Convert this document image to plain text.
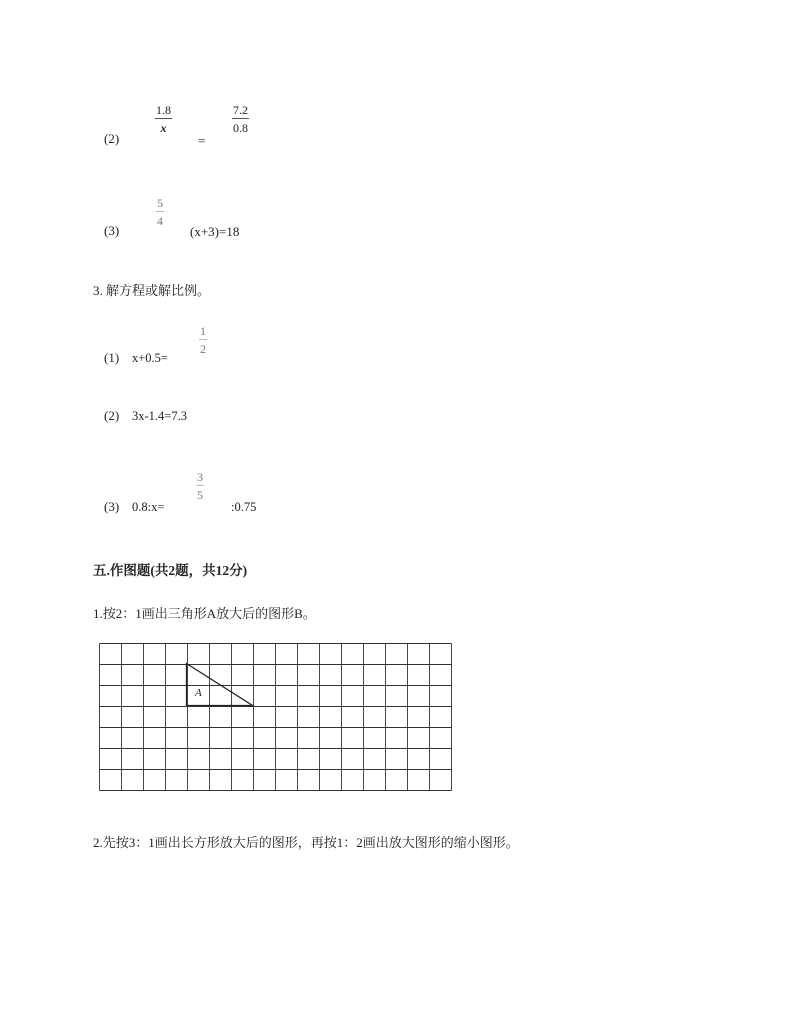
(2)
1.8
x
=
7.2
0.8
(3)
5
4
(x+3)=18
3. 解方程或解比例。
(1) x+0.5=
1
2
(2) 3x-1.4=7.3
(3) 0.8:x=
3
5
:0.75
五.作图题(共2题，共12分)
1.按2：1画出三角形A放大后的图形B。
A
2.先按3：1画出长方形放大后的图形，再按1：2画出放大图形的缩小图形。
